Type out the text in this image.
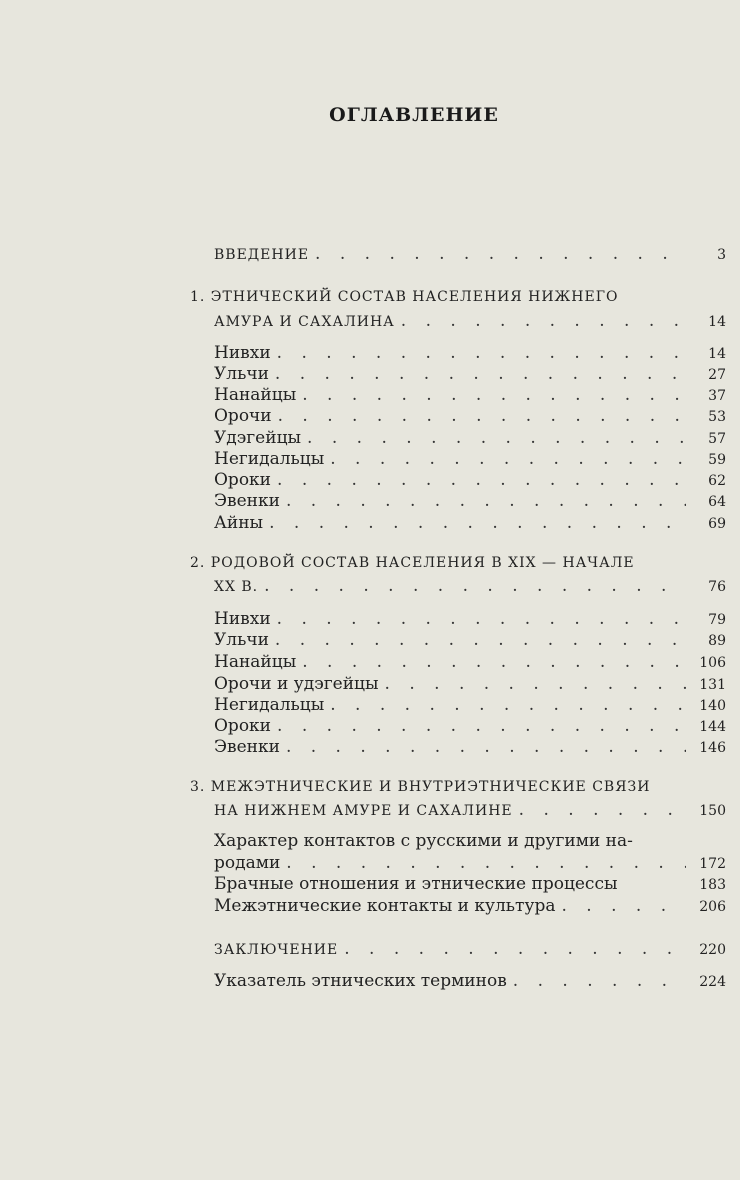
ОГЛАВЛЕНИЕ
ВВЕДЕНИЕ . . .	3
1. ЭТНИЧЕСКИЙ СОСТАВ НАСЕЛЕНИЯ НИЖНЕГО
АМУРА И САХАЛИНА . . .	14
Нивхи . . .	14
Ульчи . . .	27
Нанайцы . . .	37
Орочи . . .	53
Удэгейцы . . .	57
Негидальцы . . .	59
Ороки . . .	62
Эвенки . . .	64
Айны . . .	69
2. РОДОВОЙ СОСТАВ НАСЕЛЕНИЯ В XIX — НАЧАЛЕ
XX В. . . .	76
Нивхи . . .	79
Ульчи . . .	89
Нанайцы . . .	106
Орочи и удэгейцы . . .	131
Негидальцы . . .	140
Ороки . . .	144
Эвенки . . .	146
3. МЕЖЭТНИЧЕСКИЕ И ВНУТРИЭТНИЧЕСКИЕ СВЯЗИ
НА НИЖНЕМ АМУРЕ И САХАЛИНЕ . . .	150
Характер контактов с русскими и другими на-
родами . . .	172
Брачные отношения и этнические процессы	183
Межэтнические контакты и культура . . .	206
ЗАКЛЮЧЕНИЕ . . .	220
Указатель этнических терминов . . .	224
